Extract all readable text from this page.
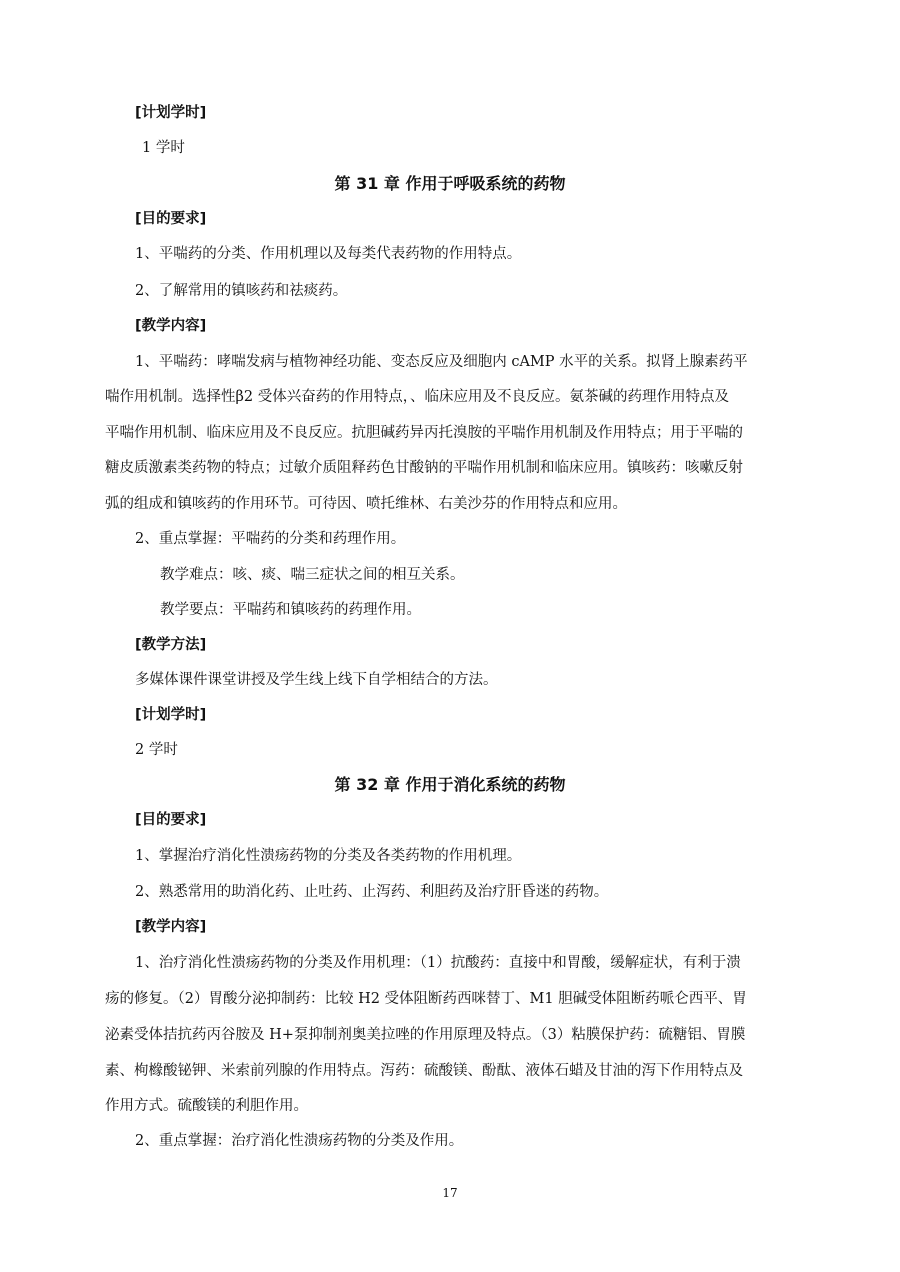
[计划学时]
1 学时
第 31 章 作用于呼吸系统的药物
[目的要求]
1、平喘药的分类、作用机理以及每类代表药物的作用特点。
2、了解常用的镇咳药和祛痰药。
[教学内容]
1、平喘药：哮喘发病与植物神经功能、变态反应及细胞内 cAMP 水平的关系。拟肾上腺素药平
喘作用机制。选择性β2 受体兴奋药的作用特点，、临床应用及不良反应。氨茶碱的药理作用特点及
平喘作用机制、临床应用及不良反应。抗胆碱药异丙托溴胺的平喘作用机制及作用特点；用于平喘的
糖皮质激素类药物的特点；过敏介质阻释药色甘酸钠的平喘作用机制和临床应用。镇咳药：咳嗽反射
弧的组成和镇咳药的作用环节。可待因、喷托维林、右美沙芬的作用特点和应用。
2、重点掌握：平喘药的分类和药理作用。
教学难点：咳、痰、喘三症状之间的相互关系。
教学要点：平喘药和镇咳药的药理作用。
[教学方法]
多媒体课件课堂讲授及学生线上线下自学相结合的方法。
[计划学时]
2 学时
第 32 章 作用于消化系统的药物
[目的要求]
1、掌握治疗消化性溃疡药物的分类及各类药物的作用机理。
2、熟悉常用的助消化药、止吐药、止泻药、利胆药及治疗肝昏迷的药物。
[教学内容]
1、治疗消化性溃疡药物的分类及作用机理：（1）抗酸药：直接中和胃酸，缓解症状，有利于溃
疡的修复。（2）胃酸分泌抑制药：比较 H2 受体阻断药西咪替丁、M1 胆碱受体阻断药哌仑西平、胃
泌素受体拮抗药丙谷胺及 H+泵抑制剂奥美拉唑的作用原理及特点。（3）粘膜保护药：硫糖铝、胃膜
素、枸橼酸铋钾、米索前列腺的作用特点。泻药：硫酸镁、酚酞、液体石蜡及甘油的泻下作用特点及
作用方式。硫酸镁的利胆作用。
2、重点掌握：治疗消化性溃疡药物的分类及作用。
17
